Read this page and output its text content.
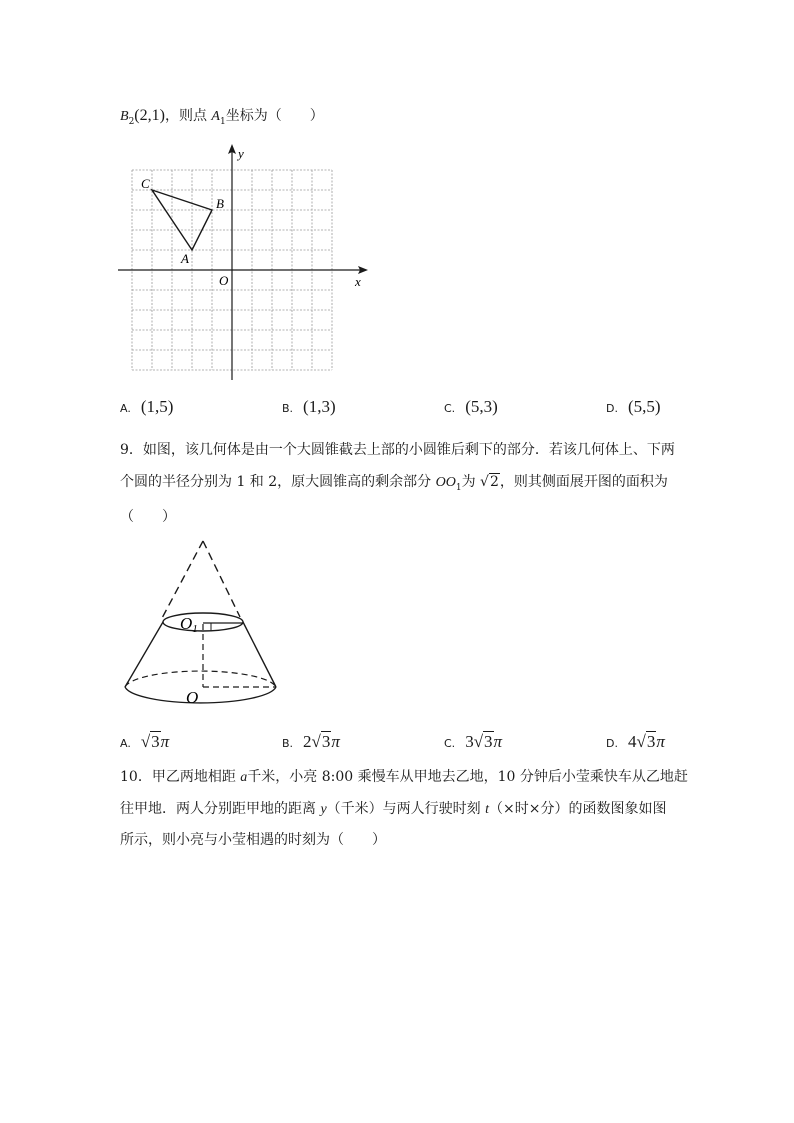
$B_2(2,1)$，则点 $A_1$坐标为（　　）
C
B
A
O	x
y
A. (1,5)	B. (1,3)	C. (5,3)	D. (5,5)
9．如图，该几何体是由一个大圆锥截去上部的小圆锥后剩下的部分．若该几何体上、下两
个圆的半径分别为 1 和 2，原大圆锥高的剩余部分 $OO_1$为 √2，则其侧面展开图的面积为
（　　）
O1
O
A. √3π	B. 2√3π	C. 3√3π	D. 4√3π
10．甲乙两地相距 a千米，小亮 8:00 乘慢车从甲地去乙地，10 分钟后小莹乘快车从乙地赶
往甲地．两人分别距甲地的距离 y（千米）与两人行驶时刻 t（×时×分）的函数图象如图
所示，则小亮与小莹相遇的时刻为（　　）
